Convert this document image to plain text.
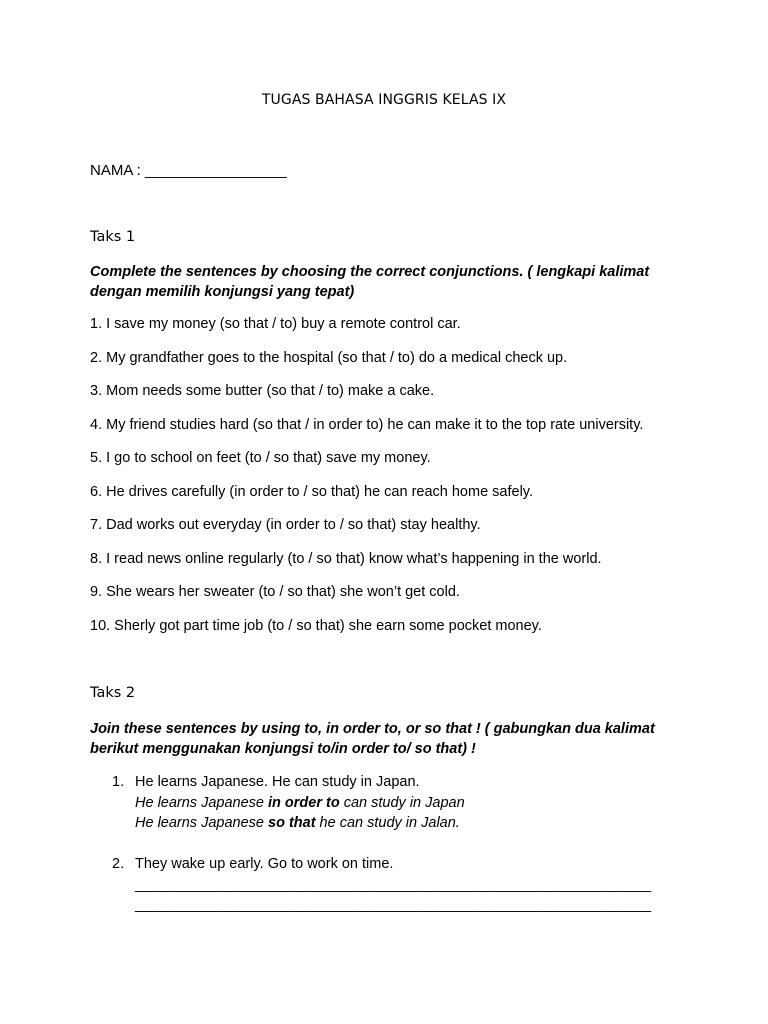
TUGAS BAHASA INGGRIS KELAS IX
NAMA : _________________
Taks 1
Complete the sentences by choosing the correct conjunctions. ( lengkapi kalimat dengan memilih konjungsi yang tepat)
1. I save my money (so that / to) buy a remote control car.
2. My grandfather goes to the hospital (so that / to) do a medical check up.
3. Mom needs some butter (so that / to) make a cake.
4. My friend studies hard (so that / in order to) he can make it to the top rate university.
5. I go to school on feet (to / so that) save my money.
6. He drives carefully (in order to / so that) he can reach home safely.
7. Dad works out everyday (in order to / so that) stay healthy.
8. I read news online regularly (to / so that) know what’s happening in the world.
9. She wears her sweater (to / so that) she won’t get cold.
10. Sherly got part time job (to / so that) she earn some pocket money.
Taks 2
Join these sentences by using to, in order to, or so that ! ( gabungkan dua kalimat berikut menggunakan konjungsi to/in order to/ so that) !
1. He learns Japanese. He can study in Japan.
He learns Japanese in order to can study in Japan
He learns Japanese so that he can study in Jalan.
2. They wake up early. Go to work on time.
________________________________________________________________
________________________________________________________________
